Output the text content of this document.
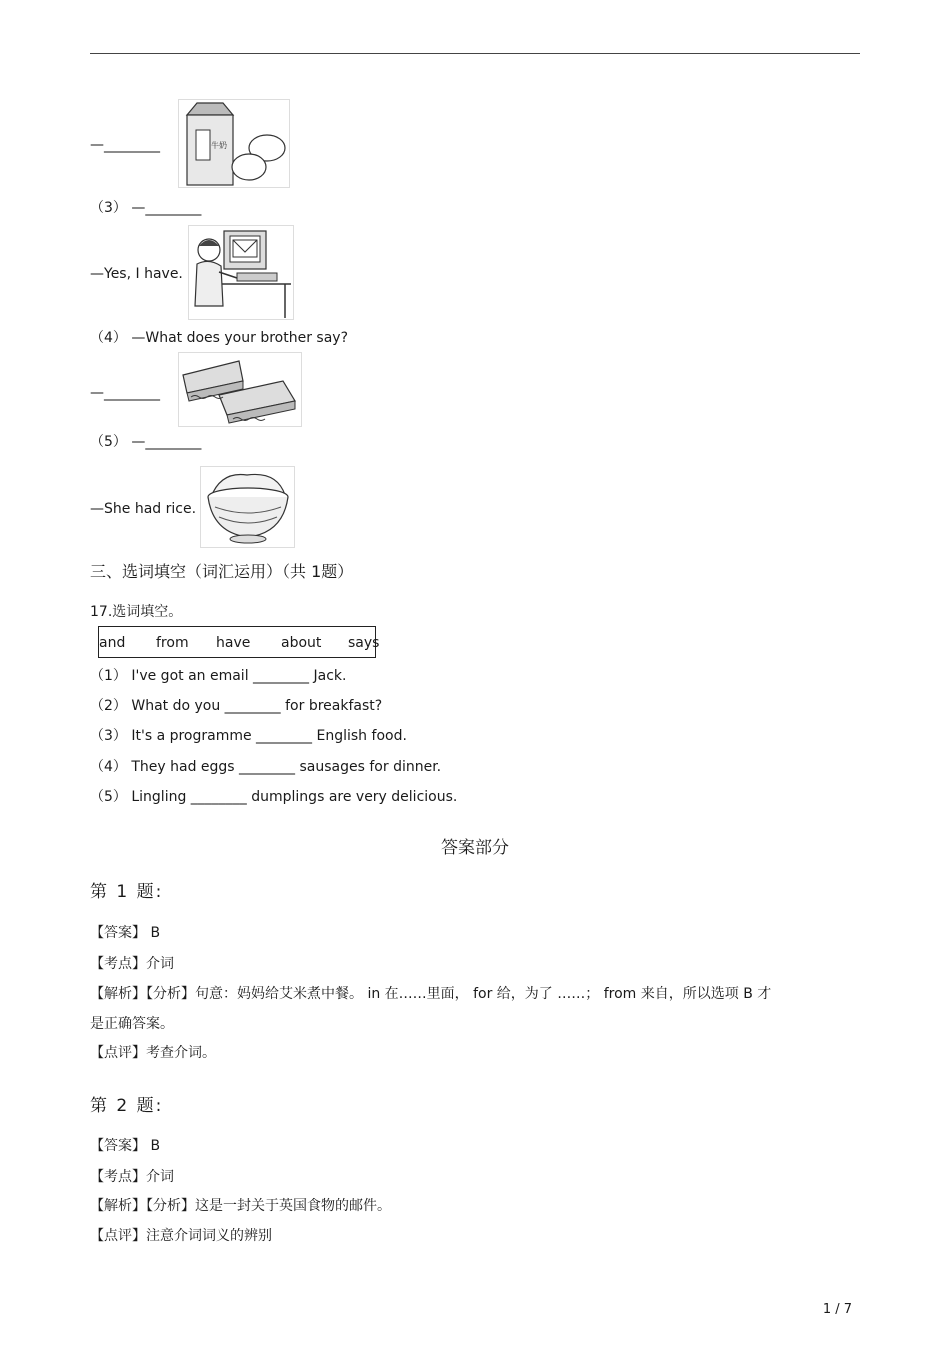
—________	牛奶
（3） —________
—Yes, I have.
（4） —What does your brother say?
—________
（5） —________
—She had rice.
三、选词填空（词汇运用）（共 1题）
17.选词填空。
and from have about says
（1） I've got an email ________ Jack.
（2） What do you ________ for breakfast?
（3） It's a programme ________ English food.
（4） They had eggs ________ sausages for dinner.
（5） Lingling ________ dumplings are very delicious.
答案部分
第 1 题:
【答案】 B
【考点】介词
【解析】【分析】句意：妈妈给艾米煮中餐。 in 在……里面， for 给，为了 ……； from 来自，所以选项 B 才
是正确答案。
【点评】考查介词。
第 2 题:
【答案】 B
【考点】介词
【解析】【分析】这是一封关于英国食物的邮件。
【点评】注意介词词义的辨别
1 / 7
